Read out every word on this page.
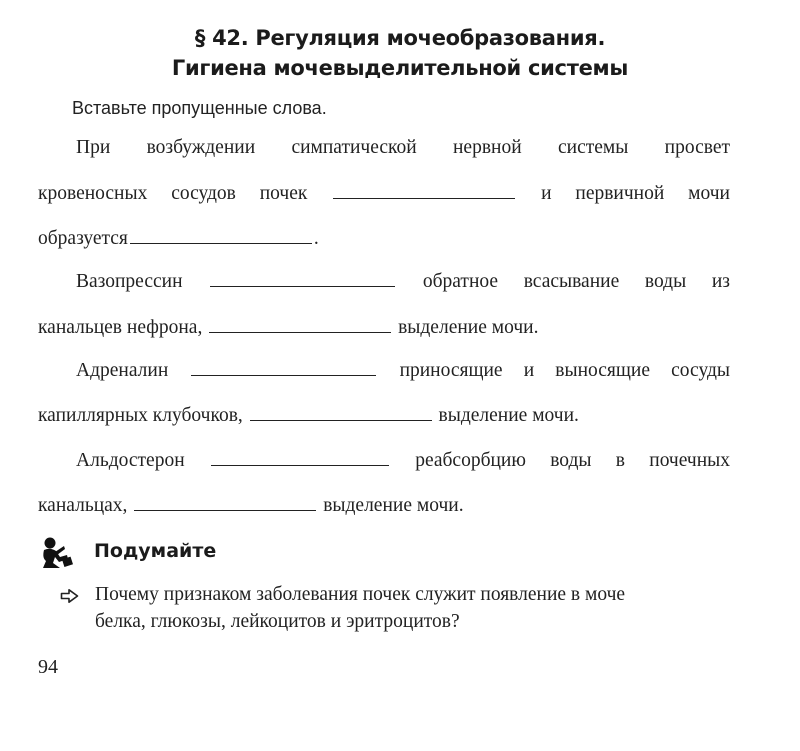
§ 42. Регуляция мочеобразования.
Гигиена мочевыделительной системы
Вставьте пропущенные слова.
При возбуждении симпатической нервной системы просвет
кровеносных сосудов почек	и первичной мочи
образуется	.
Вазопрессин	обратное всасывание воды из
канальцев нефрона,	выделение мочи.
Адреналин	приносящие и выносящие сосуды
капиллярных клубочков,	выделение мочи.
Альдостерон	реабсорбцию воды в почечных
канальцах,	выделение мочи.
Подумайте
Почему признаком заболевания почек служит появление в моче
белка, глюкозы, лейкоцитов и эритроцитов?
94
